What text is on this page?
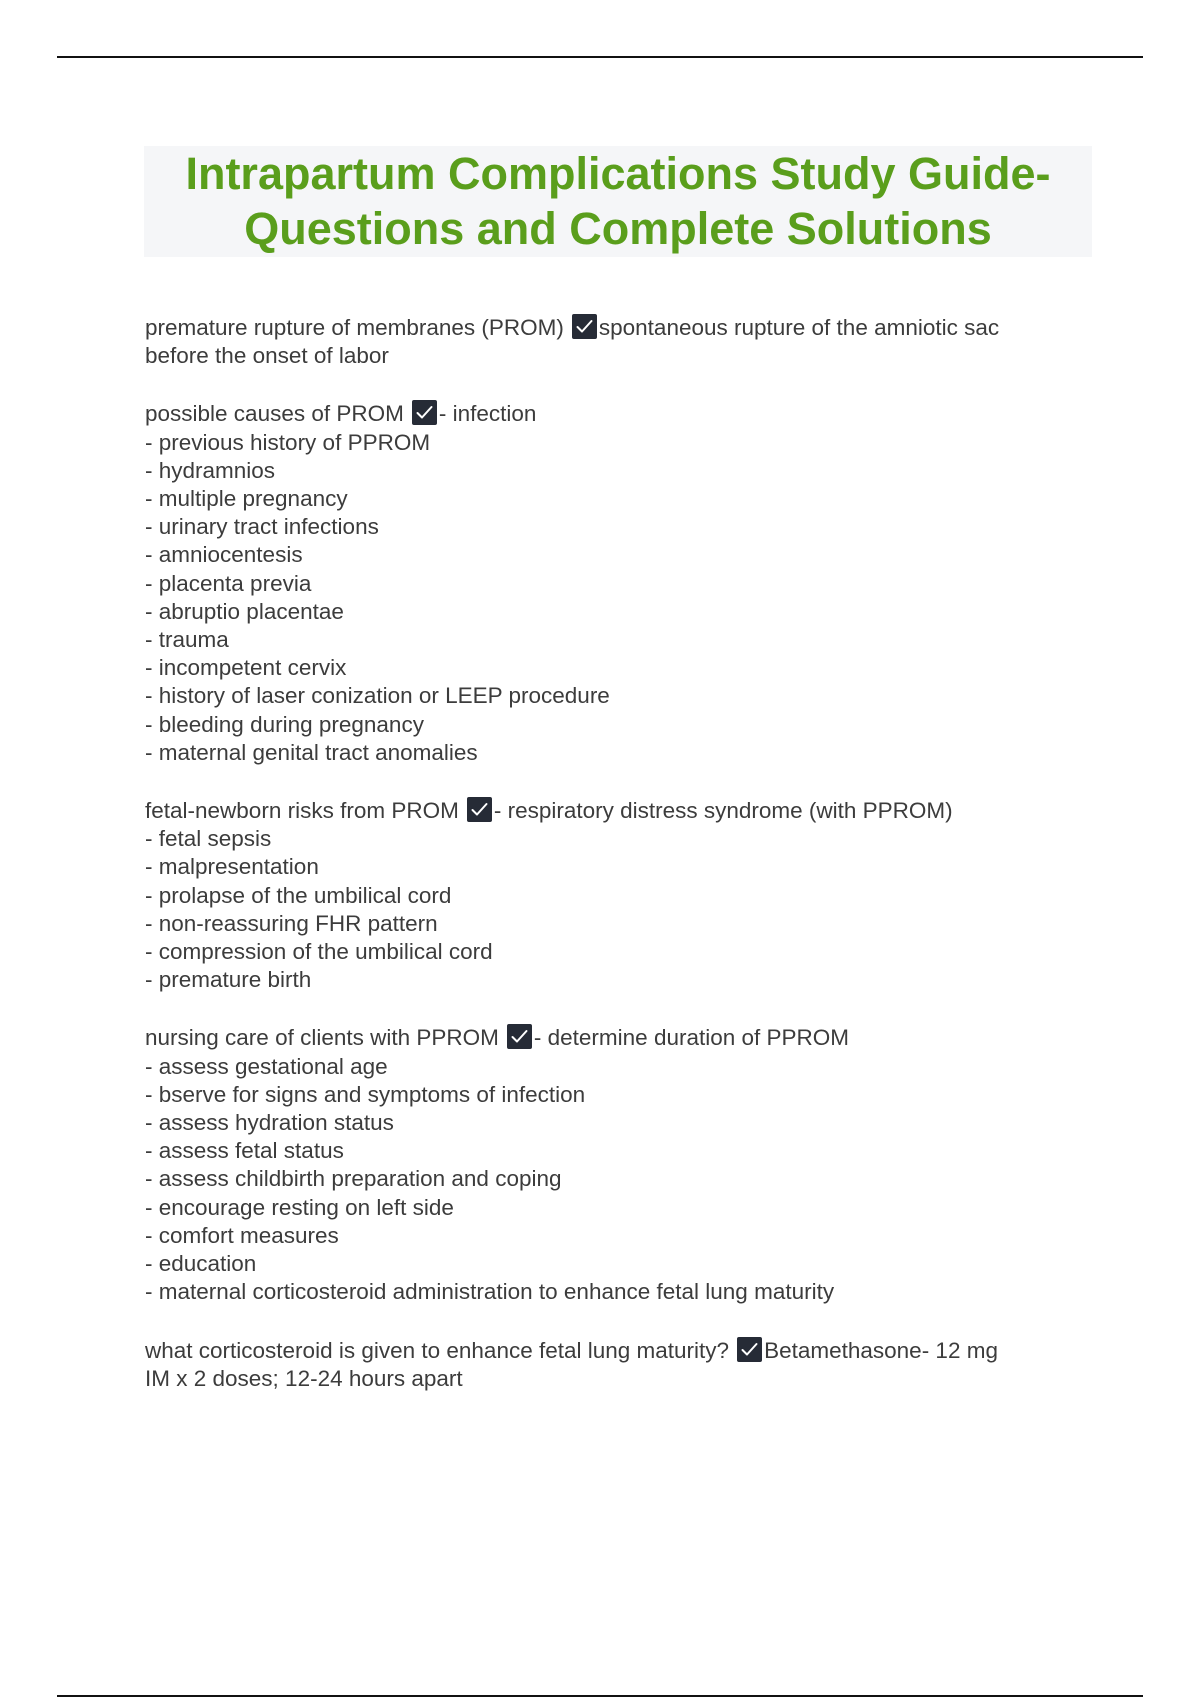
Intrapartum Complications Study Guide-
Questions and Complete Solutions
premature rupture of membranes (PROM) spontaneous rupture of the amniotic sac
before the onset of labor
possible causes of PROM - infection
- previous history of PPROM
- hydramnios
- multiple pregnancy
- urinary tract infections
- amniocentesis
- placenta previa
- abruptio placentae
- trauma
- incompetent cervix
- history of laser conization or LEEP procedure
- bleeding during pregnancy
- maternal genital tract anomalies
fetal-newborn risks from PROM - respiratory distress syndrome (with PPROM)
- fetal sepsis
- malpresentation
- prolapse of the umbilical cord
- non-reassuring FHR pattern
- compression of the umbilical cord
- premature birth
nursing care of clients with PPROM - determine duration of PPROM
- assess gestational age
- bserve for signs and symptoms of infection
- assess hydration status
- assess fetal status
- assess childbirth preparation and coping
- encourage resting on left side
- comfort measures
- education
- maternal corticosteroid administration to enhance fetal lung maturity
what corticosteroid is given to enhance fetal lung maturity? Betamethasone- 12 mg
IM x 2 doses; 12-24 hours apart
